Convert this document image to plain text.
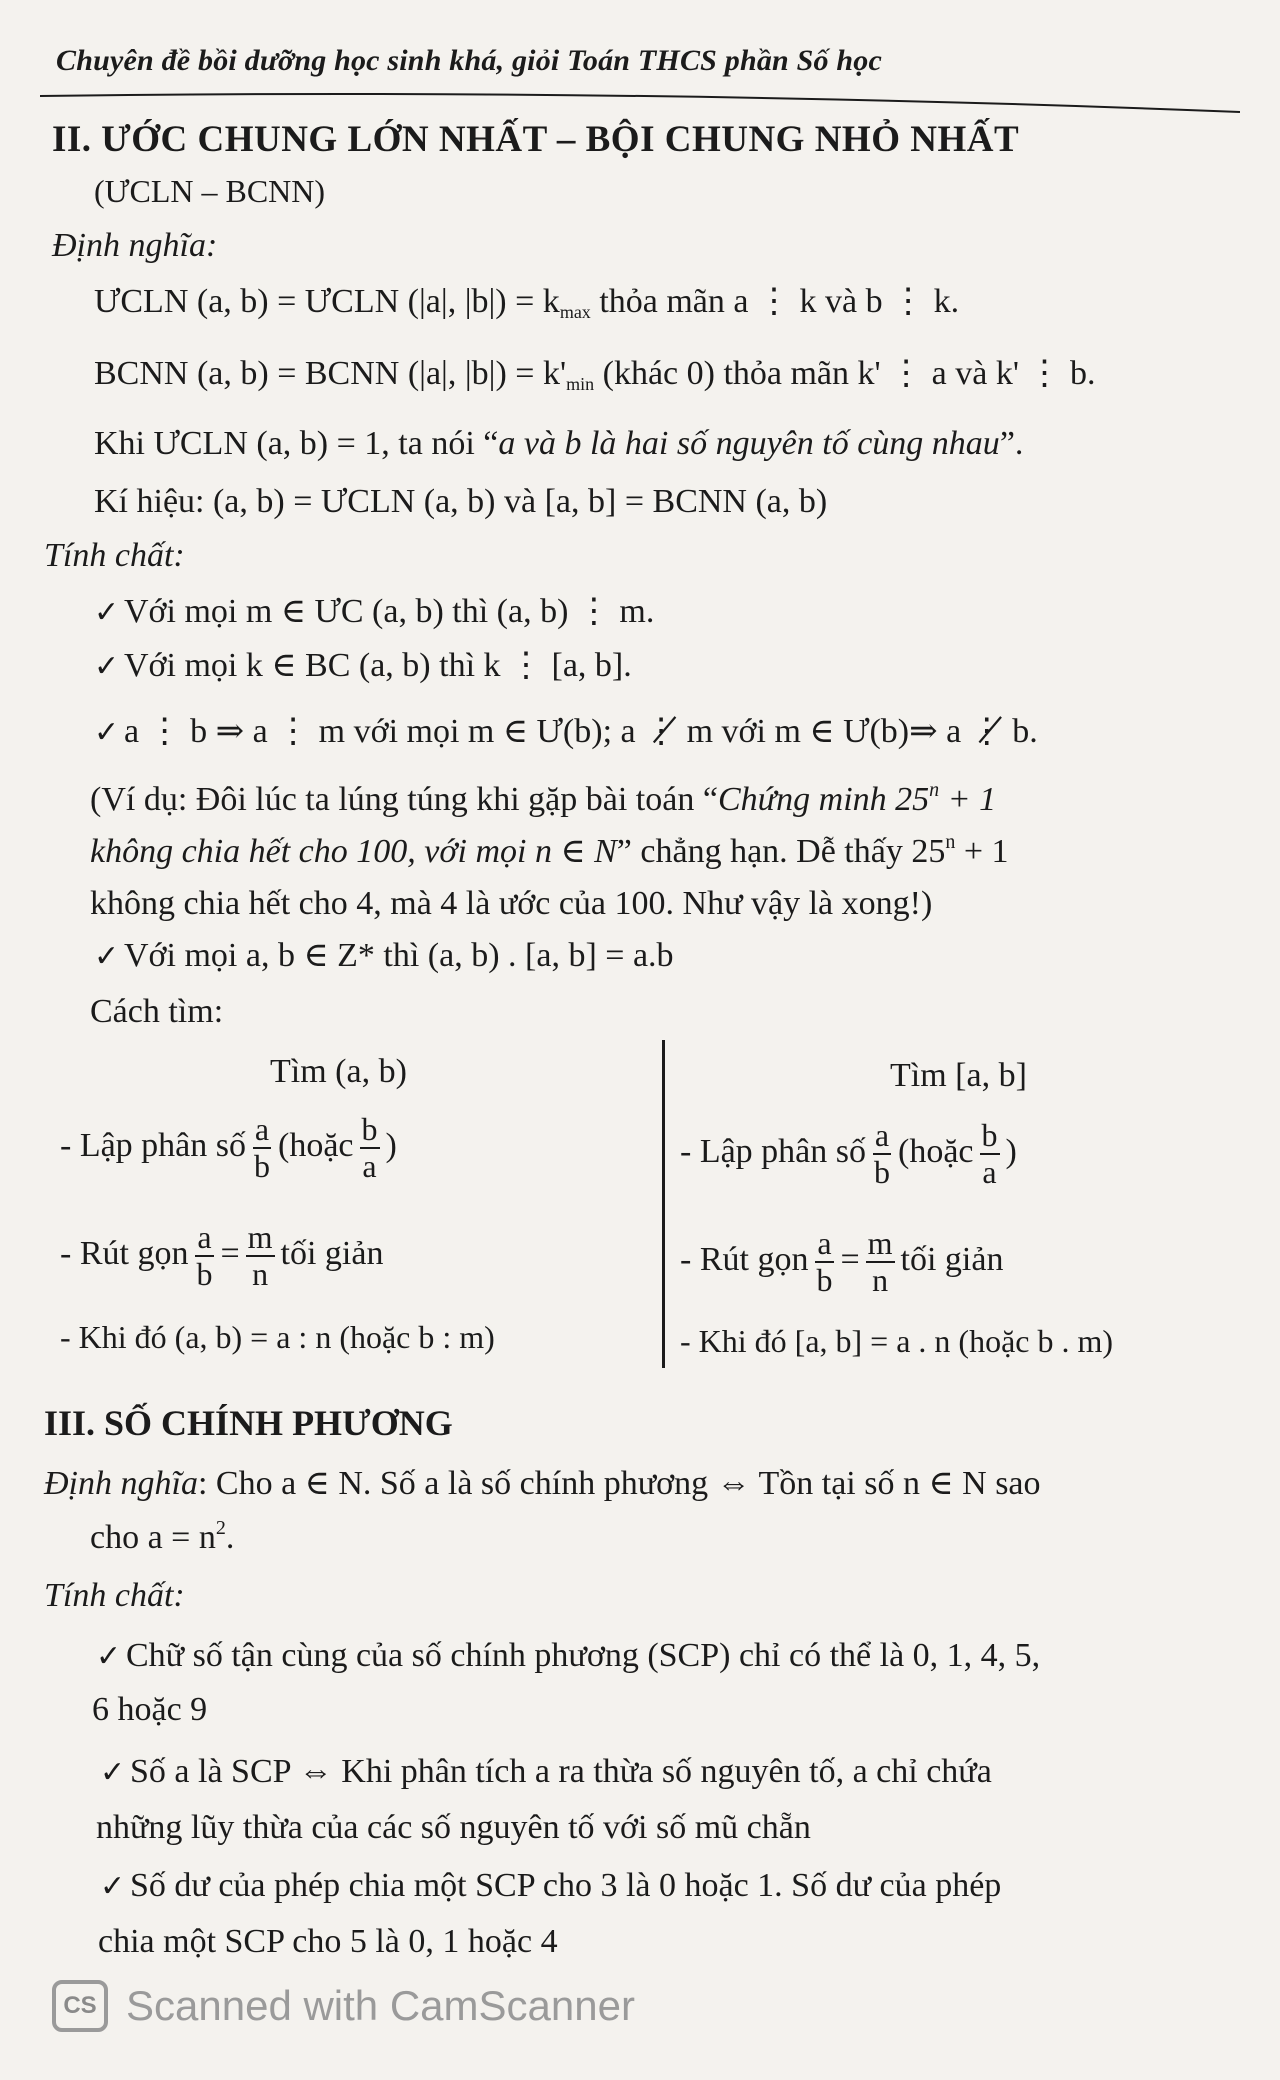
Chuyên đề bồi dưỡng học sinh khá, giỏi Toán THCS phần Số học
II. ƯỚC CHUNG LỚN NHẤT – BỘI CHUNG NHỎ NHẤT
(ƯCLN – BCNN)
Định nghĩa:
ƯCLN (a, b) = ƯCLN (|a|, $|b|) = k_{max}$ thỏa mãn a ⋮ k và b ⋮ k.
BCNN (a, b) = BCNN (|a|, $|b|) = k'_{min}$ (khác 0) thỏa mãn k' ⋮ a và k' ⋮ b.
Khi ƯCLN (a, b) = 1, ta nói “a và b là hai số nguyên tố cùng nhau”.
Kí hiệu: (a, b) = ƯCLN (a, b) và [a, b] = BCNN (a, b)
Tính chất:
✓ Với mọi m ∈ ƯC (a, b) thì (a, b) ⋮ m.
✓ Với mọi k ∈ BC (a, b) thì k ⋮ [a, b].
✓ a ⋮ b ⇒ a ⋮ m với mọi m ∈ Ư(b); a ⋮̸ m với m ∈ Ư(b)⇒ a ⋮̸ b.
(Ví dụ: Đôi lúc ta lúng túng khi gặp bài toán “Chứng minh $25^n + 1$
không chia hết cho 100, với mọi n ∈ N” chẳng hạn. Dễ thấy $25^n + 1$
không chia hết cho 4, mà 4 là ước của 100. Như vậy là xong!)
✓ Với mọi a, b ∈ Z* thì (a, b) . [a, b] = a.b
Cách tìm:
Tìm (a, b)	Tìm [a, b]
- Lập phân số $\frac{a}{b}$ (hoặc $\frac{b}{a}$ )	- Lập phân số $\frac{a}{b}$ (hoặc $\frac{b}{a}$ )
- Rút gọn $\frac{a}{b} = \frac{m}{n}$ tối giản	- Rút gọn $\frac{a}{b} = \frac{m}{n}$ tối giản
- Khi đó (a, b) = a : n (hoặc b : m)	- Khi đó [a, b] = a . n (hoặc b . m)
III. SỐ CHÍNH PHƯƠNG
Định nghĩa: Cho a ∈ N. Số a là số chính phương ⇔ Tồn tại số n ∈ N sao
cho $a = n^2$.
Tính chất:
✓ Chữ số tận cùng của số chính phương (SCP) chỉ có thể là 0, 1, 4, 5,
6 hoặc 9
✓ Số a là SCP ⇔ Khi phân tích a ra thừa số nguyên tố, a chỉ chứa
những lũy thừa của các số nguyên tố với số mũ chẵn
✓ Số dư của phép chia một SCP cho 3 là 0 hoặc 1. Số dư của phép
chia một SCP cho 5 là 0, 1 hoặc 4
CS Scanned with CamScanner
